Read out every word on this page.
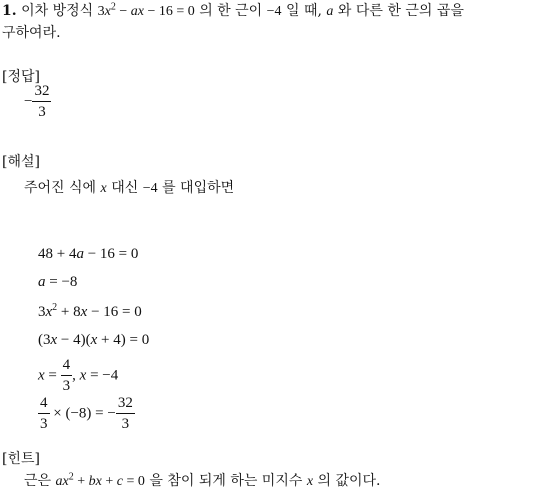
1. 이차 방정식 $3x^2$ − ax − 16 = 0 의 한 근이 −4 일 때, a 와 다른 한 근의 곱을
구하여라.
[정답]
− $\frac{32}{3}$
[해설]
주어진 식에 x 대신 −4 를 대입하면
48 + 4a − 16 = 0
a = −8
$3x^2 + 8x - 16 = 0$
(3x − 4)(x + 4) = 0
$x = \frac{4}{3}$ , x = −4
$\frac{4}{3} \times (-8)$ = − $\frac{32}{3}$
[힌트]
근은 $ax^2$ + bx + c = 0 을 참이 되게 하는 미지수 x 의 값이다.
